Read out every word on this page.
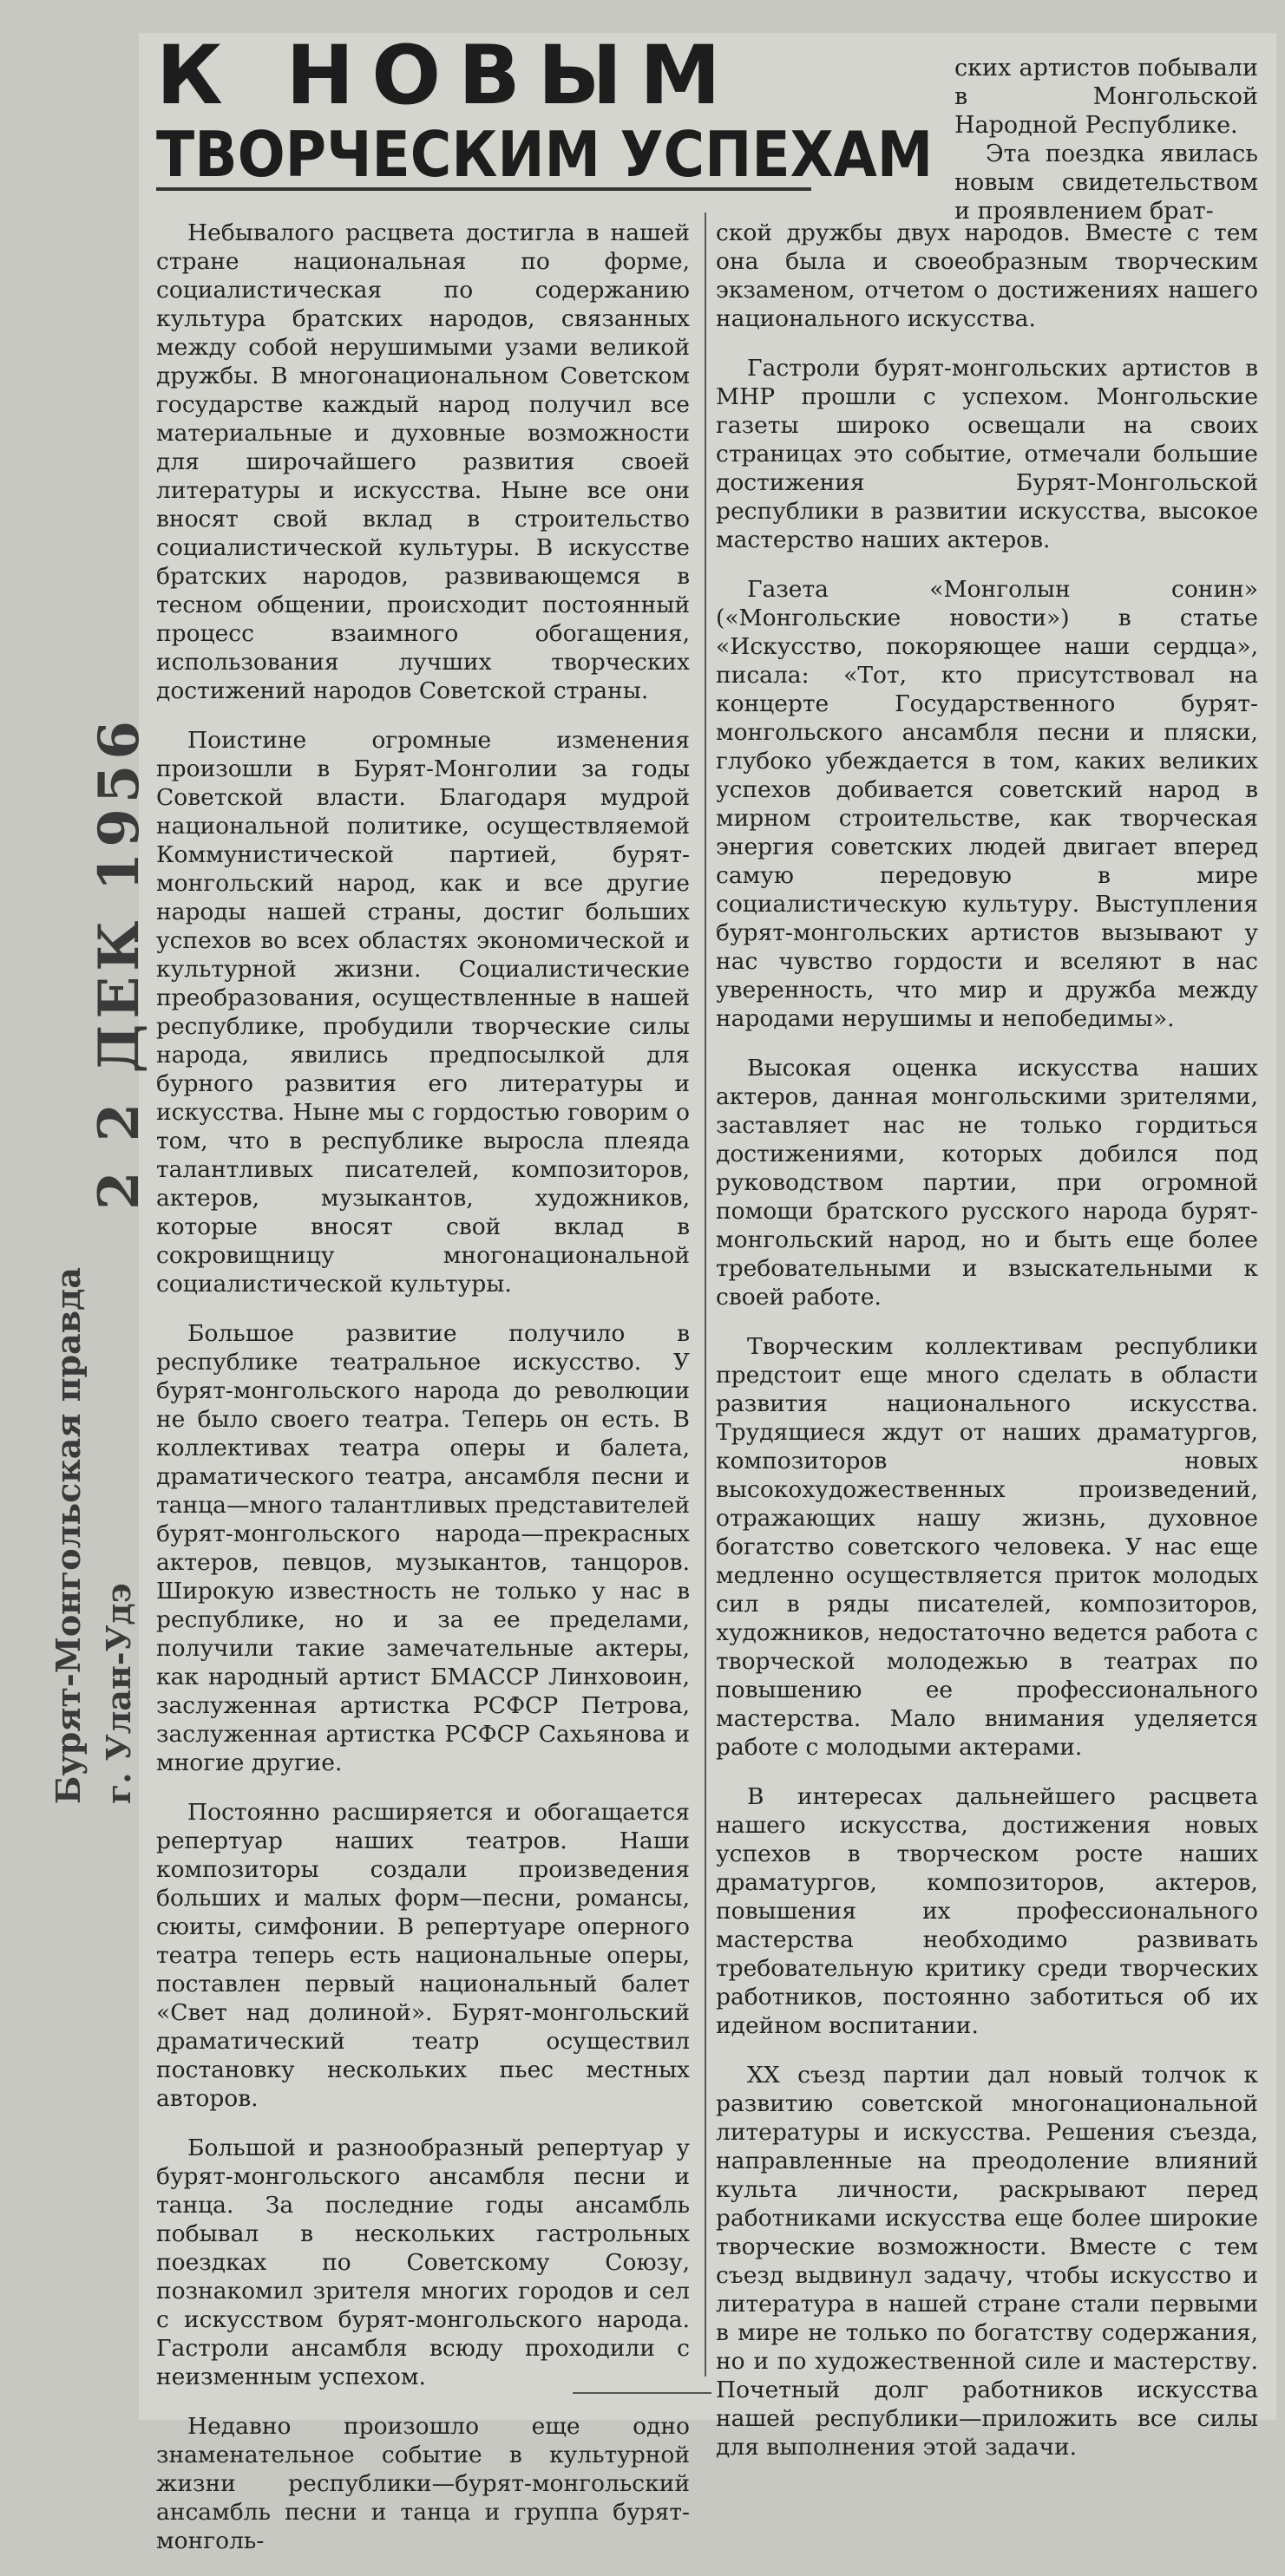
2 2 ДЕК 1956
Бурят-Монгольская правда г. Улан-Удэ
К НОВЫМ
ТВОРЧЕСКИМ УСПЕХАМ

ских артистов побывали в Монгольской Народной Республике.

Эта поездка явилась новым свидетельством и проявлением брат-

Небывалого расцвета достигла в нашей стране национальная по форме, социалистическая по содержанию культура братских народов, связанных между собой нерушимыми узами великой дружбы. В многонациональном Советском государстве каждый народ получил все материальные и духовные возможности для широчайшего развития своей литературы и искусства. Ныне все они вносят свой вклад в строительство социалистической культуры. В искусстве братских народов, развивающемся в тесном общении, происходит постоянный процесс взаимного обогащения, использования лучших творческих достижений народов Советской страны.

Поистине огромные изменения произошли в Бурят-Монголии за годы Советской власти. Благодаря мудрой национальной политике, осуществляемой Коммунистической партией, бурят-монгольский народ, как и все другие народы нашей страны, достиг больших успехов во всех областях экономической и культурной жизни. Социалистические преобразования, осуществленные в нашей республике, пробудили творческие силы народа, явились предпосылкой для бурного развития его литературы и искусства. Ныне мы с гордостью говорим о том, что в республике выросла плеяда талантливых писателей, композиторов, актеров, музыкантов, художников, которые вносят свой вклад в сокровищницу многонациональной социалистической культуры.

Большое развитие получило в республике театральное искусство. У бурят-монгольского народа до революции не было своего театра. Теперь он есть. В коллективах театра оперы и балета, драматического театра, ансамбля песни и танца—много талантливых представителей бурят-монгольского народа—прекрасных актеров, певцов, музыкантов, танцоров. Широкую известность не только у нас в республике, но и за ее пределами, получили такие замечательные актеры, как народный артист БМАССР Линховоин, заслуженная артистка РСФСР Петрова, заслуженная артистка РСФСР Сахьянова и многие другие.

Постоянно расширяется и обогащается репертуар наших театров. Наши композиторы создали произведения больших и малых форм—песни, романсы, сюиты, симфонии. В репертуаре оперного театра теперь есть национальные оперы, поставлен первый национальный балет «Свет над долиной». Бурят-монгольский драматический театр осуществил постановку нескольких пьес местных авторов.

Большой и разнообразный репертуар у бурят-монгольского ансамбля песни и танца. За последние годы ансамбль побывал в нескольких гастрольных поездках по Советскому Союзу, познакомил зрителя многих городов и сел с искусством бурят-монгольского народа. Гастроли ансамбля всюду проходили с неизменным успехом.

Недавно произошло еще одно знаменательное событие в культурной жизни республики—бурят-монгольский ансамбль песни и танца и группа бурят-монголь-

ской дружбы двух народов. Вместе с тем она была и своеобразным творческим экзаменом, отчетом о достижениях нашего национального искусства.

Гастроли бурят-монгольских артистов в МНР прошли с успехом. Монгольские газеты широко освещали на своих страницах это событие, отмечали большие достижения Бурят-Монгольской республики в развитии искусства, высокое мастерство наших актеров.

Газета «Монголын сонин» («Монгольские новости») в статье «Искусство, покоряющее наши сердца», писала: «Тот, кто присутствовал на концерте Государственного бурят-монгольского ансамбля песни и пляски, глубоко убеждается в том, каких великих успехов добивается советский народ в мирном строительстве, как творческая энергия советских людей двигает вперед самую передовую в мире социалистическую культуру. Выступления бурят-монгольских артистов вызывают у нас чувство гордости и вселяют в нас уверенность, что мир и дружба между народами нерушимы и непобедимы».

Высокая оценка искусства наших актеров, данная монгольскими зрителями, заставляет нас не только гордиться достижениями, которых добился под руководством партии, при огромной помощи братского русского народа бурят-монгольский народ, но и быть еще более требовательными и взыскательными к своей работе.

Творческим коллективам республики предстоит еще много сделать в области развития национального искусства. Трудящиеся ждут от наших драматургов, композиторов новых высокохудожественных произведений, отражающих нашу жизнь, духовное богатство советского человека. У нас еще медленно осуществляется приток молодых сил в ряды писателей, композиторов, художников, недостаточно ведется работа с творческой молодежью в театрах по повышению ее профессионального мастерства. Мало внимания уделяется работе с молодыми актерами.

В интересах дальнейшего расцвета нашего искусства, достижения новых успехов в творческом росте наших драматургов, композиторов, актеров, повышения их профессионального мастерства необходимо развивать требовательную критику среди творческих работников, постоянно заботиться об их идейном воспитании.

XX съезд партии дал новый толчок к развитию советской многонациональной литературы и искусства. Решения съезда, направленные на преодоление влияний культа личности, раскрывают перед работниками искусства еще более широкие творческие возможности. Вместе с тем съезд выдвинул задачу, чтобы искусство и литература в нашей стране стали первыми в мире не только по богатству содержания, но и по художественной силе и мастерству. Почетный долг работников искусства нашей республики—приложить все силы для выполнения этой задачи.
